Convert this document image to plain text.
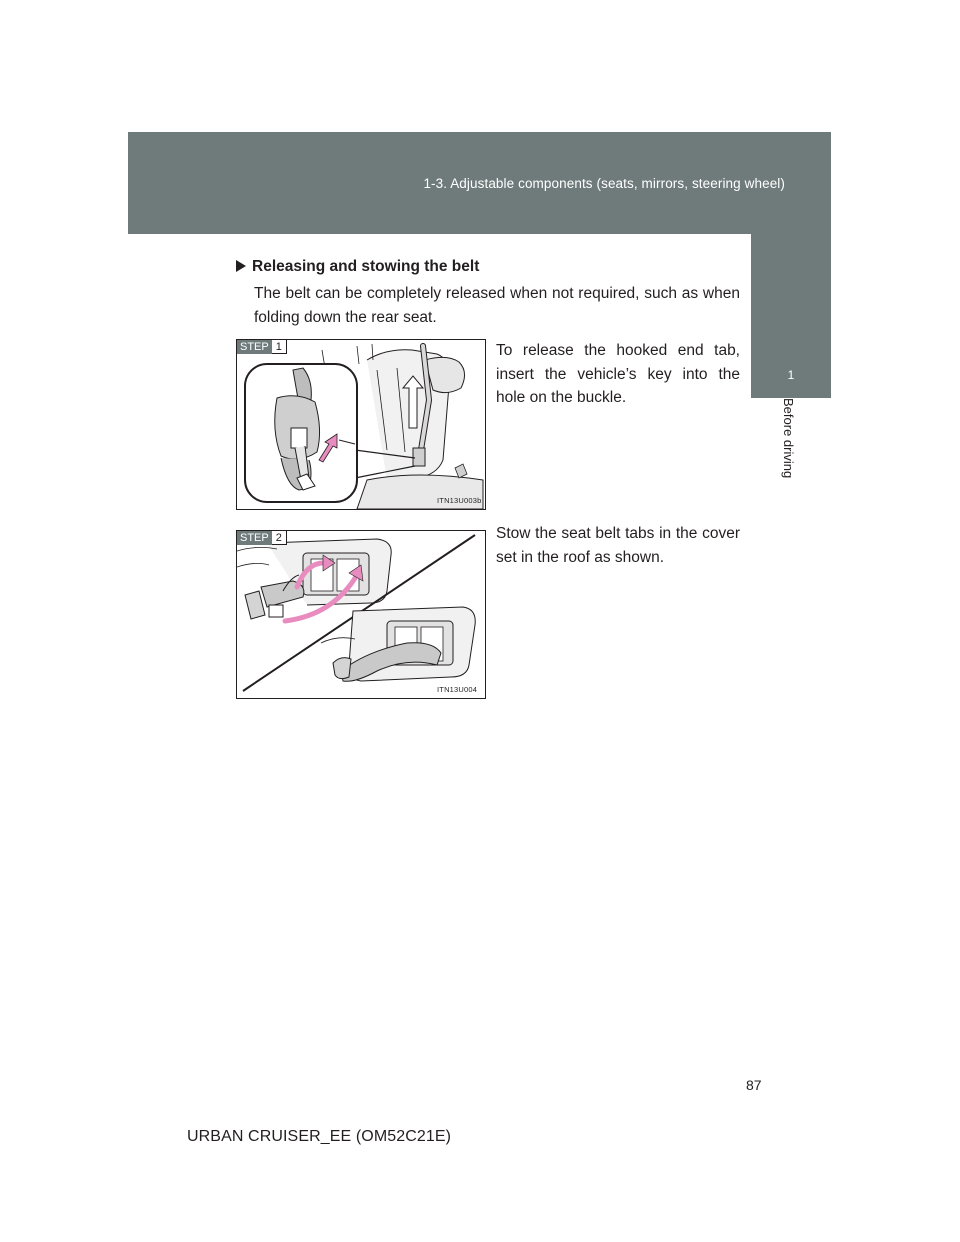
1-3. Adjustable components (seats, mirrors, steering wheel)
1
Before driving
Releasing and stowing the belt
The belt can be completely released when not required, such as when folding down the rear seat.
STEP 1
ITN13U003b
To release the hooked end tab, insert the vehicle’s key into the hole on the buckle.
STEP 2
ITN13U004
Stow the seat belt tabs in the cover set in the roof as shown.
87
URBAN CRUISER_EE (OM52C21E)
